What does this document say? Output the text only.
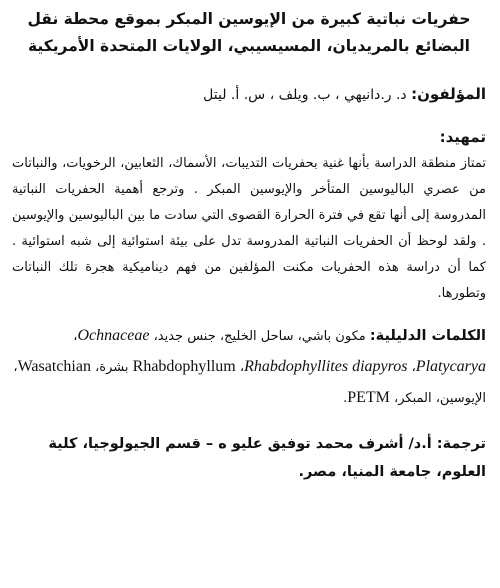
حفريات نباتية كبيرة من الإيوسين المبكر بموقع محطة نقل البضائع بالمريديان، المسيسيبي، الولايات المتحدة الأمريكية

المؤلفون: د. ر.دانيهي ، ب. ويلف ، س. أ. ليتل

تمهيد:

تمتاز منطقة الدراسة بأنها غنية بحفريات التديبات، الأسماك، الثعابين، الرخويات، والنباتات من عصري الباليوسين المتأخر والإيوسين المبكر . وترجع أهمية الحفريات النباتية المدروسة إلى أنها تقع في فترة الحرارة القصوى التي سادت ما بين الباليوسين والإيوسين . ولقد لوحظ أن الحفريات النباتية المدروسة تدل على بيئة استوائية إلى شبه استوائية . كما أن دراسة هذه الحفريات مكنت المؤلفين من فهم ديناميكية هجرة تلك النباتات وتطورها.

الكلمات الدليلية: مكون باشي، ساحل الخليج، جنس جديد، Ochnaceae، Platycarya، Rhabdophyllites diapyros، Rhabdophyllum بشرة، Wasatchian، الإيوسين، المبكر، PETM.

ترجمة: أ.د/ أشرف محمد توفيق عليو ه – قسم الجيولوجيا، كلية العلوم، جامعة المنيا، مصر.
